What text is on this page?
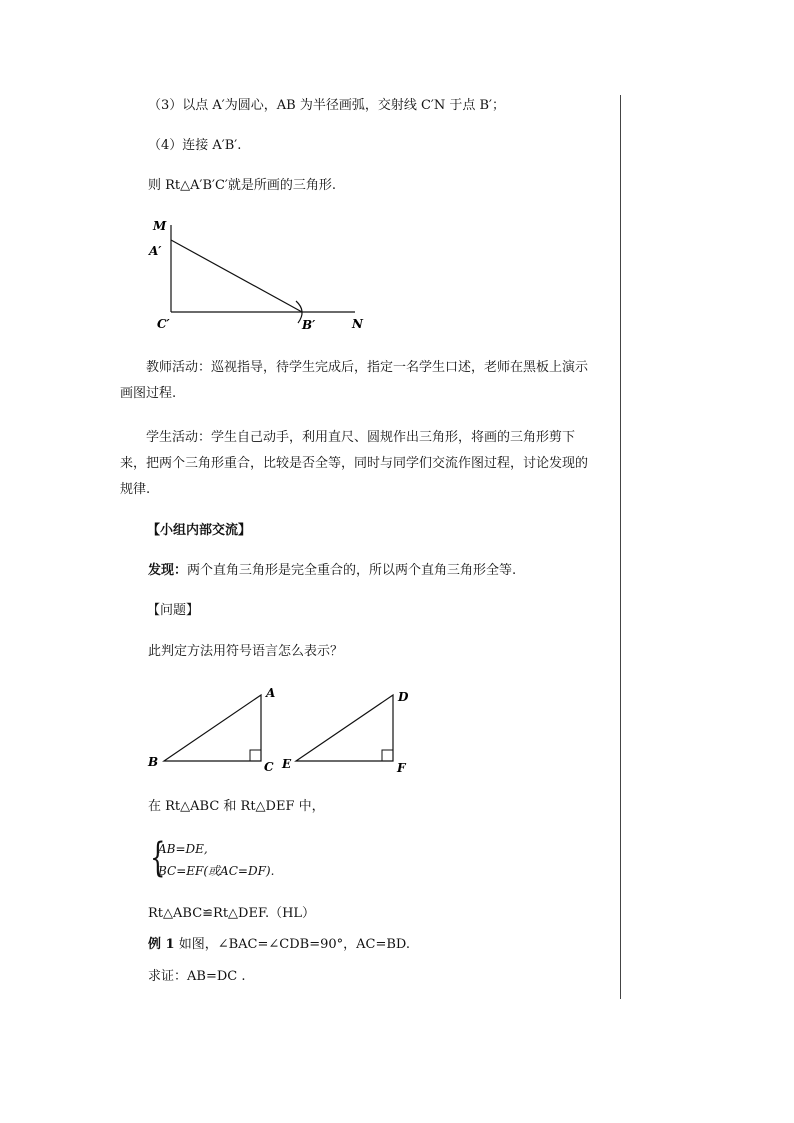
（3）以点 A′为圆心，AB 为半径画弧，交射线 C′N 于点 B′；
（4）连接 A′B′.
则 Rt△A′B′C′就是所画的三角形.
M
A′
C′	B′	N
教师活动：巡视指导，待学生完成后，指定一名学生口述，老师在黑板上演示画图过程.
学生活动：学生自己动手，利用直尺、圆规作出三角形，将画的三角形剪下来，把两个三角形重合，比较是否全等，同时与同学们交流作图过程，讨论发现的规律.
【小组内部交流】
发现：两个直角三角形是完全重合的，所以两个直角三角形全等.
【问题】
此判定方法用符号语言怎么表示？
A
B	C
D
E	F
在 Rt△ABC 和 Rt△DEF 中，
{
AB=DE,
BC=EF(或AC=DF).
Rt△ABC≌Rt△DEF.（HL）
例 1 如图，∠BAC=∠CDB=90°，AC=BD.
求证：AB=DC .
